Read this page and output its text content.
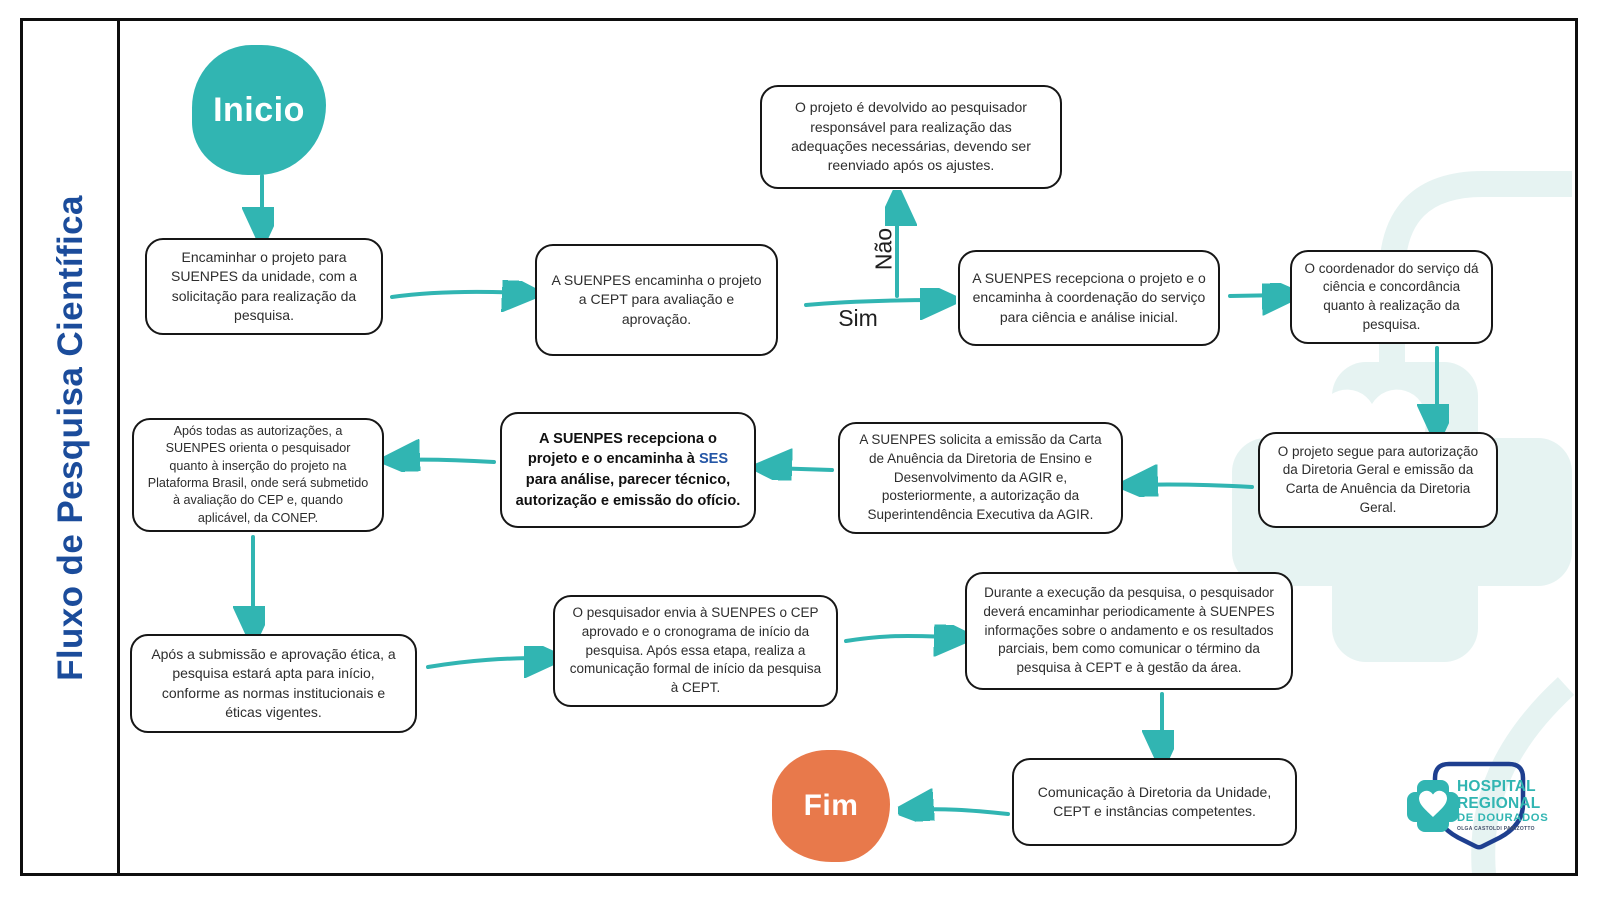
Fluxo de Pesquisa Científica
Inicio
Fim
Sim
Não
Encaminhar o projeto para SUENPES da unidade, com a solicitação para realização da pesquisa.
A SUENPES encaminha o projeto a CEPT para avaliação e aprovação.
O projeto é devolvido ao pesquisador responsável para realização das adequações necessárias, devendo ser reenviado após os ajustes.
A SUENPES recepciona o projeto e o encaminha à coordenação do serviço para ciência e análise inicial.
O coordenador do serviço dá ciência e concordância quanto à realização da pesquisa.
O projeto segue para autorização da Diretoria Geral e emissão da Carta de Anuência da Diretoria Geral.
A SUENPES solicita a emissão da Carta de Anuência da Diretoria de Ensino e Desenvolvimento da AGIR e, posteriormente, a autorização da Superintendência Executiva da AGIR.
A SUENPES recepciona o projeto e o encaminha à SES para análise, parecer técnico, autorização e emissão do ofício.
Após todas as autorizações, a SUENPES orienta o pesquisador quanto à inserção do projeto na Plataforma Brasil, onde será submetido à avaliação do CEP e, quando aplicável, da CONEP.
Após a submissão e aprovação ética, a pesquisa estará apta para início, conforme as normas institucionais e éticas vigentes.
O pesquisador envia à SUENPES o CEP aprovado e o cronograma de início da pesquisa. Após essa etapa, realiza a comunicação formal de início da pesquisa à CEPT.
Durante a execução da pesquisa, o pesquisador deverá encaminhar periodicamente à SUENPES informações sobre o andamento e os resultados parciais, bem como comunicar o término da pesquisa à CEPT e à gestão da área.
Comunicação à Diretoria da Unidade, CEPT e instâncias competentes.
HOSPITAL
REGIONAL
DE DOURADOS
OLGA CASTOLDI PARIZOTTO
